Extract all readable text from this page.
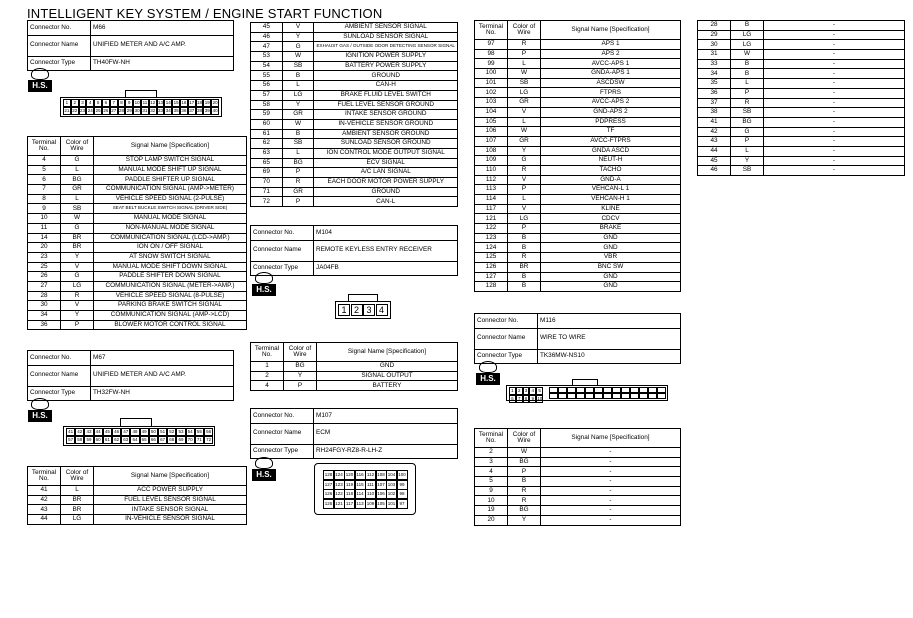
INTELLIGENT KEY SYSTEM / ENGINE START FUNCTION
Connector No.	M66
Connector Name	UNIFIED METER AND A/C AMP.
Connector Type	TH40FW-NH
H.S.
1	2	3	4	5	6	7	8	9 10 11 12 13 14 15 16 17 18 19 20
21 22 23 24 25 26 27 28 29 30 31 32 33 34 35 36 37 38 39 40
Terminal No.	Color of Wire	Signal Name [Specification]
4	G	STOP LAMP SWITCH SIGNAL
5	L	MANUAL MODE SHIFT UP SIGNAL
6	BG	PADDLE SHIFTER UP SIGNAL
7	GR	COMMUNICATION SIGNAL (AMP->METER)
8	L	VEHICLE SPEED SIGNAL (2-PULSE)
9	SB	SEAT BELT BUCKLE SWITCH SIGNAL (DRIVER SIDE)
10	W	MANUAL MODE SIGNAL
11	G	NON-MANUAL MODE SIGNAL
14	BR	COMMUNICATION SIGNAL (LCD->AMP.)
20	BR	ION ON / OFF SIGNAL
23	Y	AT SNOW SWITCH SIGNAL
25	V	MANUAL MODE SHIFT DOWN SIGNAL
26	G	PADDLE SHIFTER DOWN SIGNAL
27	LG	COMMUNICATION SIGNAL (METER->AMP.)
28	R	VEHICLE SPEED SIGNAL (8-PULSE)
30	V	PARKING BRAKE SWITCH SIGNAL
34	Y	COMMUNICATION SIGNAL (AMP->LCD)
36	P	BLOWER MOTOR CONTROL SIGNAL
Connector No.	M67
Connector Name	UNIFIED METER AND A/C AMP.
Connector Type	TH32FW-NH
H.S.
41 42 43 44 45 46 47 48 49 50 51 52 53 54 55 56
57 58 59 60 61 62 63 64 65 66 67 68 69 70 71 72
Terminal No.	Color of Wire	Signal Name [Specification]
41	L	ACC POWER SUPPLY
42	BR	FUEL LEVEL SENSOR SIGNAL
43	BR	INTAKE SENSOR SIGNAL
44	LG	IN-VEHICLE SENSOR SIGNAL
45	V	AMBIENT SENSOR SIGNAL
46	Y	SUNLOAD SENSOR SIGNAL
47	G	EXHAUST GAS / OUTSIDE ODOR DETECTING SENSOR SIGNAL
53	W	IGNITION POWER SUPPLY
54	SB	BATTERY POWER SUPPLY
55	B	GROUND
56	L	CAN-H
57	LG	BRAKE FLUID LEVEL SWITCH
58	Y	FUEL LEVEL SENSOR GROUND
59	GR	INTAKE SENSOR GROUND
60	W	IN-VEHICLE SENSOR GROUND
61	B	AMBIENT SENSOR GROUND
62	SB	SUNLOAD SENSOR GROUND
63	L	ION CONTROL MODE OUTPUT SIGNAL
65	BG	ECV SIGNAL
69	P	A/C LAN SIGNAL
70	R	EACH DOOR MOTOR POWER SUPPLY
71	GR	GROUND
72	P	CAN-L
Connector No.	M104
Connector Name	REMOTE KEYLESS ENTRY RECEIVER
Connector Type	JA04FB
H.S.
1 2 3 4
Terminal No.	Color of Wire	Signal Name [Specification]
1	BG	GND
2	Y	SIGNAL OUTPUT
4	P	BATTERY
Connector No.	M107
Connector Name	ECM
Connector Type	RH24FGY-RZ8-R-LH-Z
H.S.	128 124 120 116 112 108 104 100
127 123 119 115 111 107 103 99
126 122 118 114 110 106 102 98
125 121 117 113 109 105 101 97
Terminal No.	Color of Wire	Signal Name [Specification]
97	R	APS 1
98	P	APS 2
99	L	AVCC-APS 1
100	W	GNDA-APS 1
101	SB	ASCDSW
102	LG	FTPRS
103	GR	AVCC-APS 2
104	V	GND-APS 2
105	L	PDPRESS
106	W	TF
107	GR	AVCC-FTPRS
108	Y	GNDA ASCD
109	G	NEUT-H
110	R	TACHO
112	V	GND-A
113	P	VEHCAN-L 1
114	L	VEHCAN-H 1
117	V	KLINE
121	LG	CDCV
122	P	BRAKE
123	B	GND
124	B	GND
125	R	VBR
126	BR	BNC SW
127	B	GND
128	B	GND
Connector No.	M116
Connector Name	WIRE TO WIRE
Connector Type	TK36MW-NS10
H.S.
1 2 3 4 5
6 7 8 9 10
Terminal No.	Color of Wire	Signal Name [Specification]
2	W	-
3	BG	-
4	P	-
5	B	-
9	R	-
10	R	-
19	BG	-
20	Y	-
28	B	-
29	LG	-
30	LG	-
31	W	-
33	B	-
34	B	-
35	L	-
36	P	-
37	R	-
38	SB	-
41	BG	-
42	G	-
43	P	-
44	L	-
45	Y	-
46	SB	-
